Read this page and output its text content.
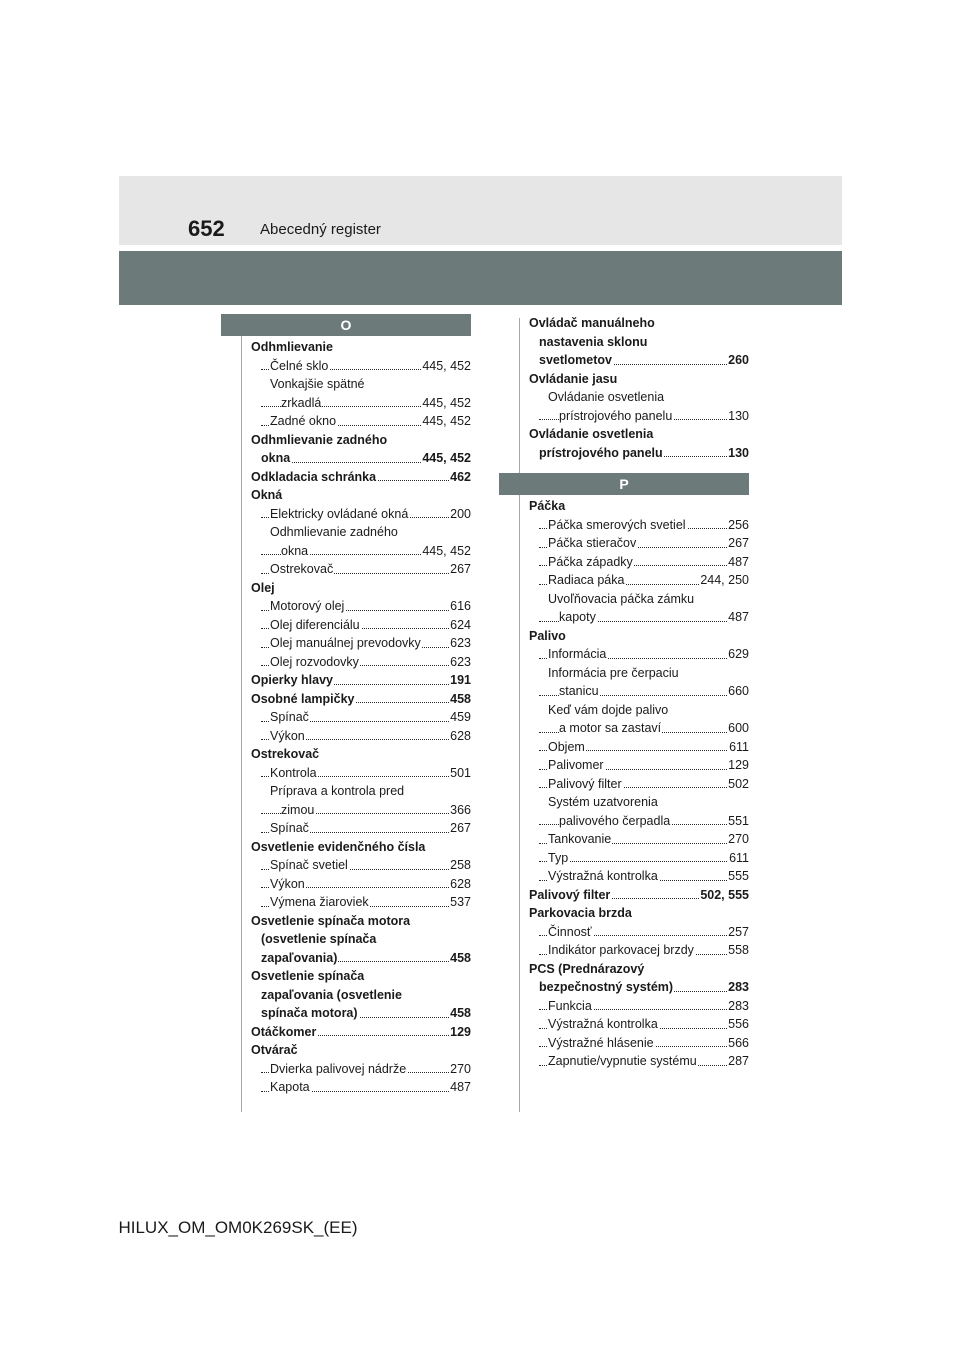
652 Abecedný register
O
Odhmlievanie
Čelné sklo	445, 452
Vonkajšie spätné
zrkadlá	445, 452
Zadné okno	445, 452
Odhmlievanie zadného
okna	445, 452
Odkladacia schránka	462
Okná
Elektricky ovládané okná	200
Odhmlievanie zadného
okna	445, 452
Ostrekovač	267
Olej
Motorový olej	616
Olej diferenciálu	624
Olej manuálnej prevodovky 623
Olej rozvodovky	623
Opierky hlavy	191
Osobné lampičky	458
Spínač	459
Výkon	628
Ostrekovač
Kontrola	501
Príprava a kontrola pred
zimou	366
Spínač	267
Osvetlenie evidenčného čísla
Spínač svetiel	258
Výkon	628
Výmena žiaroviek	537
Osvetlenie spínača motora
(osvetlenie spínača
zapaľovania)	458
Osvetlenie spínača
zapaľovania (osvetlenie
spínača motora)	458
Otáčkomer	129
Otvárač
Dvierka palivovej nádrže	270
Kapota	487
Ovládač manuálneho
nastavenia sklonu
svetlometov	260
Ovládanie jasu
Ovládanie osvetlenia
prístrojového panelu	130
Ovládanie osvetlenia
prístrojového panelu	130
P
Páčka
Páčka smerových svetiel	256
Páčka stieračov	267
Páčka západky	487
Radiaca páka	244, 250
Uvoľňovacia páčka zámku
kapoty	487
Palivo
Informácia	629
Informácia pre čerpaciu
stanicu	660
Keď vám dojde palivo
a motor sa zastaví	600
Objem	611
Palivomer	129
Palivový filter	502
Systém uzatvorenia
palivového čerpadla	551
Tankovanie	270
Typ	611
Výstražná kontrolka	555
Palivový filter	502, 555
Parkovacia brzda
Činnosť	257
Indikátor parkovacej brzdy	558
PCS (Prednárazový
bezpečnostný systém)	283
Funkcia	283
Výstražná kontrolka	556
Výstražné hlásenie	566
Zapnutie/vypnutie systému	287
HILUX_OM_OM0K269SK_(EE)
